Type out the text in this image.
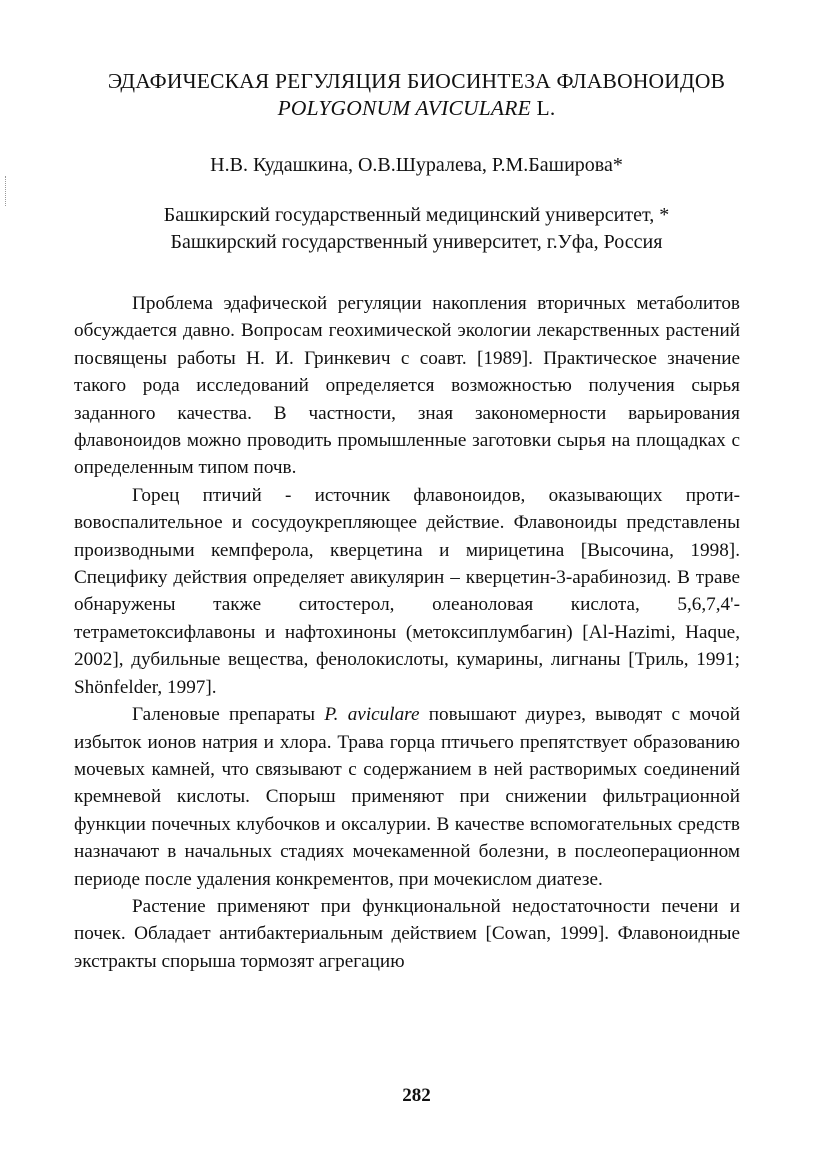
ЭДАФИЧЕСКАЯ РЕГУЛЯЦИЯ БИОСИНТЕЗА ФЛАВОНОИДОВ
POLYGONUM AVICULARE L.
Н.В. Кудашкина, О.В.Шуралева, Р.М.Баширова*
Башкирский государственный медицинский университет, *
Башкирский государственный университет, г.Уфа, Россия

Проблема эдафической регуляции накопления вторичных метаболитов обсуждается давно. Вопросам геохимической экологии лекарственных растений посвящены работы Н. И. Гринкевич с соавт. [1989]. Практическое значение такого рода исследований определяется возможностью получения сырья заданного качества. В частности, зная закономерности варьирования флавоноидов можно проводить промышленные заготовки сырья на площадках с определенным типом почв.

Горец птичий - источник флавоноидов, оказывающих противовоспалительное и сосудоукрепляющее действие. Флавоноиды представлены производными кемпферола, кверцетина и мирицетина [Высочина, 1998]. Специфику действия определяет авикулярин – кверцетин-3-арабинозид. В траве обнаружены также ситостерол, олеаноловая кислота, 5,6,7,4'- тетраметоксифлавоны и нафтохиноны (метоксиплумбагин) [Al-Hazimi, Haque, 2002], дубильные вещества, фенолокислоты, кумарины, лигнаны [Триль, 1991; Shönfelder, 1997].

Галеновые препараты P. aviculare повышают диурез, выводят с мочой избыток ионов натрия и хлора. Трава горца птичьего препятствует образованию мочевых камней, что связывают с содержанием в ней растворимых соединений кремневой кислоты. Спорыш применяют при снижении фильтрационной функции почечных клубочков и оксалурии. В качестве вспомогательных средств назначают в начальных стадиях мочекаменной болезни, в послеоперационном периоде после удаления конкрементов, при мочекислом диатезе.

Растение применяют при функциональной недостаточности печени и почек. Обладает антибактериальным действием [Cowan, 1999]. Флавоноидные экстракты спорыша тормозят агрегацию

282
